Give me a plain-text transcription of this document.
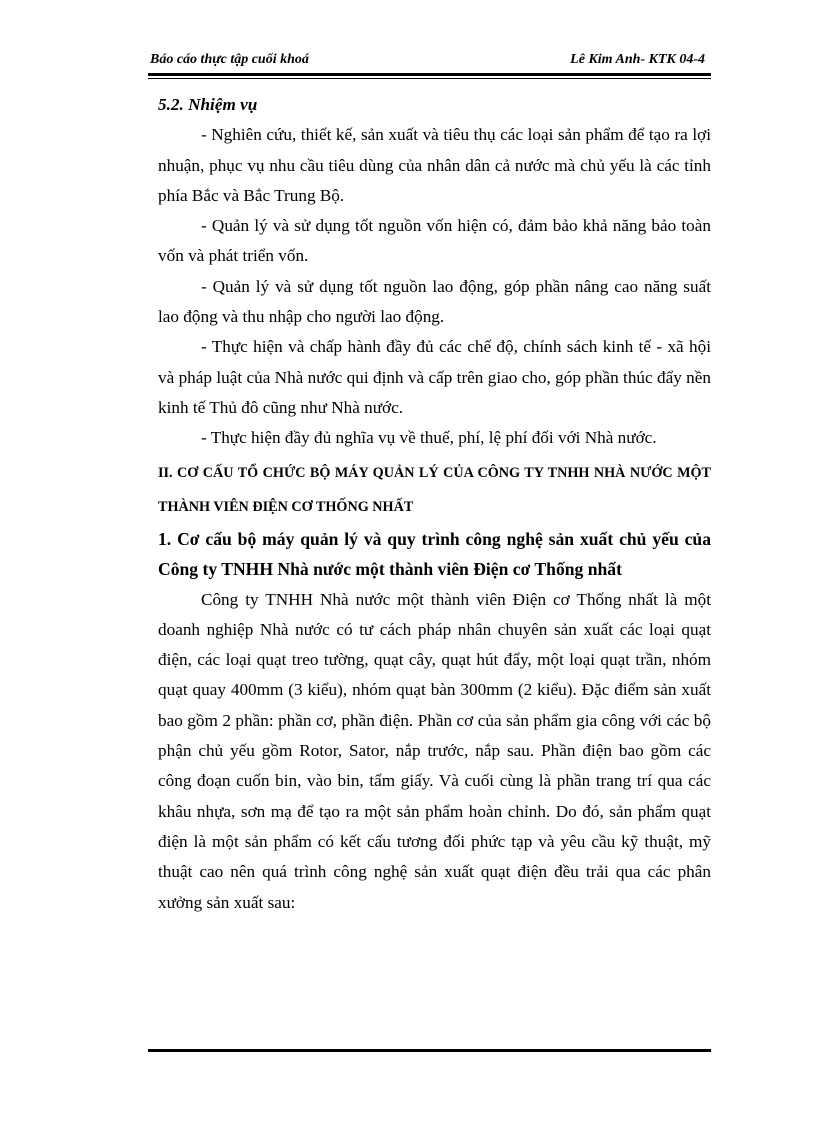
Báo cáo thực tập cuối khoá	Lê Kim Anh- KTK 04-4

5.2. Nhiệm vụ

- Nghiên cứu, thiết kế, sản xuất và tiêu thụ các loại sản phẩm để tạo ra lợi nhuận, phục vụ nhu cầu tiêu dùng của nhân dân cả nước mà chủ yếu là các tỉnh phía Bắc và Bắc Trung Bộ.

- Quản lý và sử dụng tốt nguồn vốn hiện có, đảm bảo khả năng bảo toàn vốn và phát triển vốn.

- Quản lý và sử dụng tốt nguồn lao động, góp phần nâng cao năng suất lao động và thu nhập cho người lao động.

- Thực hiện và chấp hành đầy đủ các chế độ, chính sách kinh tế - xã hội và pháp luật của Nhà nước qui định và cấp trên giao cho, góp phần thúc đẩy nền kinh tế Thủ đô cũng như Nhà nước.

- Thực hiện đầy đủ nghĩa vụ về thuế, phí, lệ phí đối với Nhà nước.

II. CƠ CẤU TỔ CHỨC BỘ MÁY QUẢN LÝ CỦA CÔNG TY TNHH NHÀ NƯỚC MỘT THÀNH VIÊN ĐIỆN CƠ THỐNG NHẤT

1. Cơ cấu bộ máy quản lý và quy trình công nghệ sản xuất chủ yếu của Công ty TNHH Nhà nước một thành viên Điện cơ Thống nhất

Công ty TNHH Nhà nước một thành viên Điện cơ Thống nhất là một doanh nghiệp Nhà nước có tư cách pháp nhân chuyên sản xuất các loại quạt điện, các loại quạt treo tường, quạt cây, quạt hút đẩy, một loại quạt trần, nhóm quạt quay 400mm (3 kiểu), nhóm quạt bàn 300mm (2 kiểu). Đặc điểm sản xuất bao gồm 2 phần: phần cơ, phần điện. Phần cơ của sản phẩm gia công với các bộ phận chủ yếu gồm Rotor, Sator, nắp trước, nắp sau. Phần điện bao gồm các công đoạn cuốn bin, vào bin, tẩm giấy. Và cuối cùng là phần trang trí qua các khâu nhựa, sơn mạ để tạo ra một sản phẩm hoàn chỉnh. Do đó, sản phẩm quạt điện là một sản phẩm có kết cấu tương đối phức tạp và yêu cầu kỹ thuật, mỹ thuật cao nên quá trình công nghệ sản xuất quạt điện đều trải qua các phân xưởng sản xuất sau:
